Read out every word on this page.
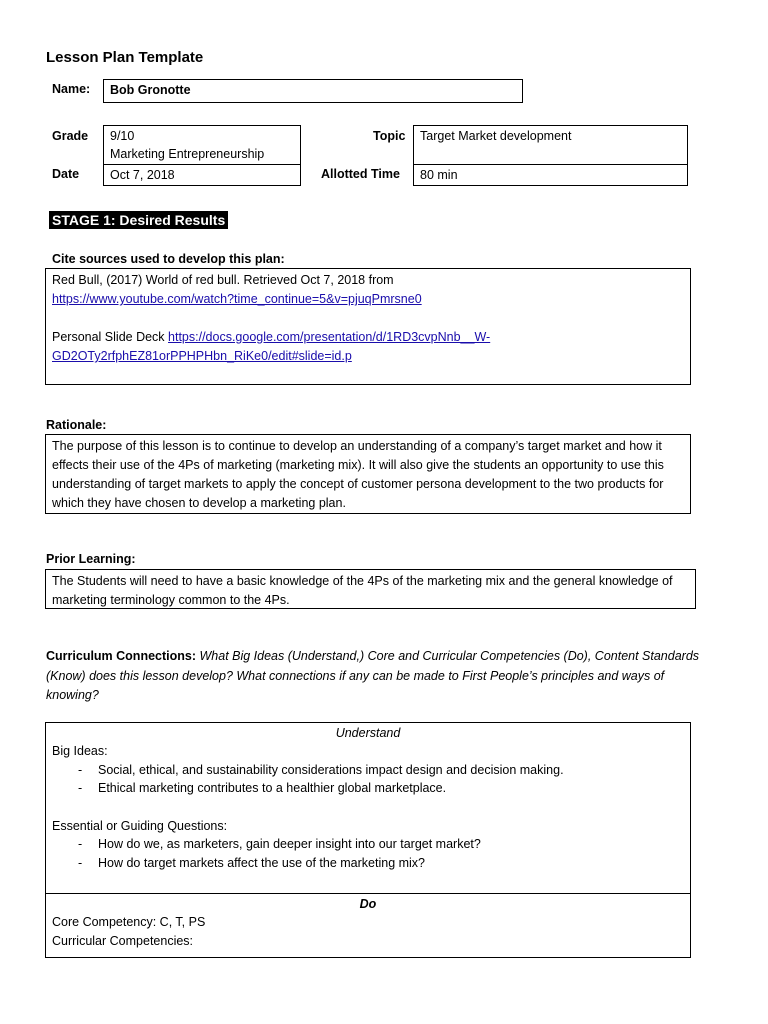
Lesson Plan Template
Name:	Bob Gronotte
Grade 9/10
Marketing Entrepreneurship
Date	Oct 7, 2018
Topic	Target Market development
Allotted Time	80 min
STAGE 1: Desired Results
Cite sources used to develop this plan:
Red Bull, (2017) World of red bull. Retrieved Oct 7, 2018 from
https://www.youtube.com/watch?time_continue=5&v=pjuqPmrsne0
Personal Slide Deck https://docs.google.com/presentation/d/1RD3cvpNnb__W-
GD2OTy2rfphEZ81orPPHPHbn_RiKe0/edit#slide=id.p
Rationale:
The purpose of this lesson is to continue to develop an understanding of a company’s target market and how it effects their use of the 4Ps of marketing (marketing mix). It will also give the students an opportunity to use this understanding of target markets to apply the concept of customer persona development to the two products for which they have chosen to develop a marketing plan.
Prior Learning:
The Students will need to have a basic knowledge of the 4Ps of the marketing mix and the general knowledge of marketing terminology common to the 4Ps.
Curriculum Connections: What Big Ideas (Understand,) Core and Curricular Competencies (Do), Content Standards (Know) does this lesson develop? What connections if any can be made to First People’s principles and ways of knowing?
Understand
Big Ideas:
- Social, ethical, and sustainability considerations impact design and decision making.
- Ethical marketing contributes to a healthier global marketplace.
Essential or Guiding Questions:
- How do we, as marketers, gain deeper insight into our target market?
- How do target markets affect the use of the marketing mix?
Do
Core Competency: C, T, PS
Curricular Competencies:
